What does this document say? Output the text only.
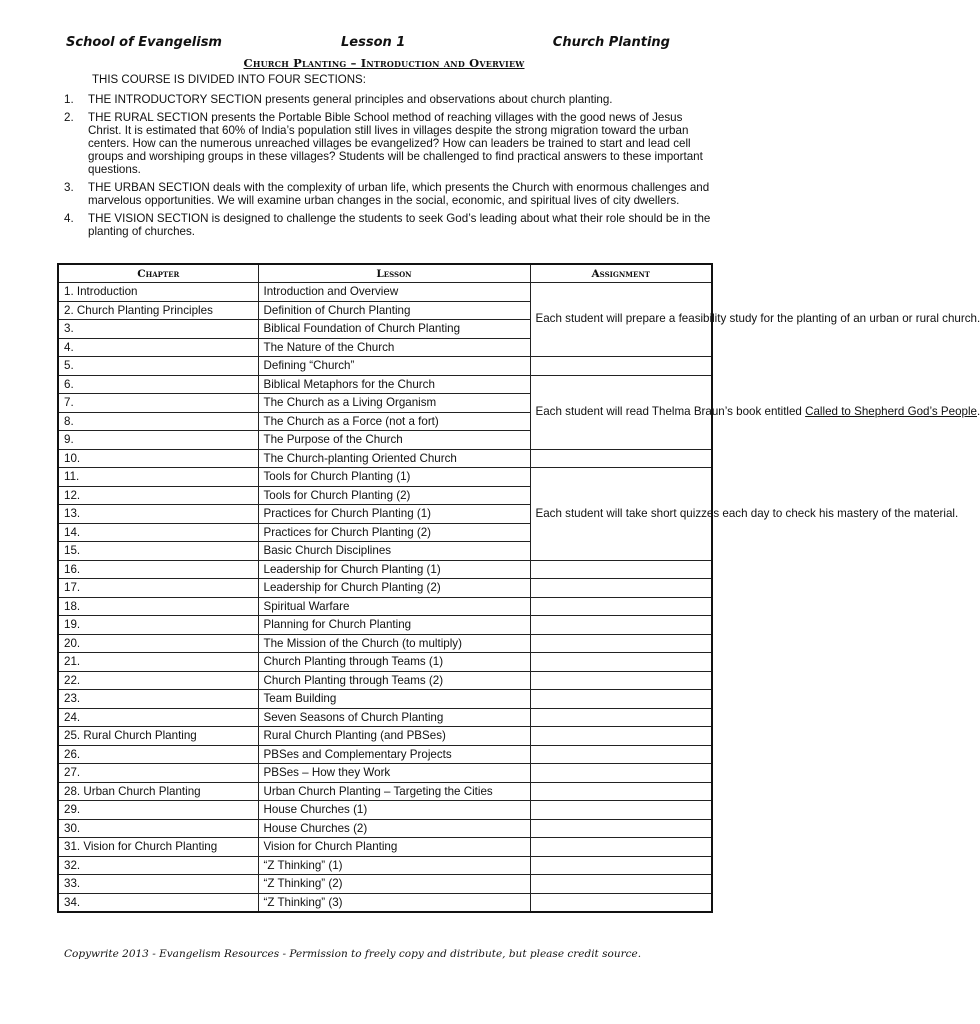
School of Evangelism	Lesson 1	Church Planting
Church Planting – Introduction and Overview
THIS COURSE IS DIVIDED INTO FOUR SECTIONS:
1. THE INTRODUCTORY SECTION presents general principles and observations about church planting.
2. THE RURAL SECTION presents the Portable Bible School method of reaching villages with the good news of Jesus Christ. It is estimated that 60% of India’s population still lives in villages despite the strong migration toward the urban centers. How can the numerous unreached villages be evangelized? How can leaders be trained to start and lead cell groups and worshiping groups in these villages? Students will be challenged to find practical answers to these important questions.
3. THE URBAN SECTION deals with the complexity of urban life, which presents the Church with enormous challenges and marvelous opportunities. We will examine urban changes in the social, economic, and spiritual lives of city dwellers.
4. THE VISION SECTION is designed to challenge the students to seek God’s leading about what their role should be in the planting of churches.
Chapter	Lesson	Assignment
1. Introduction	Introduction and Overview	Each student will prepare a feasibility study for the planting of an urban or rural church.
2. Church Planting Principles	Definition of Church Planting	
3.	Biblical Foundation of Church Planting	
4.	The Nature of the Church	
5.	Defining “Church”	
6.	Biblical Metaphors for the Church	Each student will read Thelma Braun’s book entitled Called to Shepherd God’s People.
7.	The Church as a Living Organism	
8.	The Church as a Force (not a fort)	
9.	The Purpose of the Church	
10.	The Church-planting Oriented Church	
11.	Tools for Church Planting (1)	Each student will take short quizzes each day to check his mastery of the material.
12.	Tools for Church Planting (2)	
13.	Practices for Church Planting (1)	
14.	Practices for Church Planting (2)	
15.	Basic Church Disciplines	
16.	Leadership for Church Planting (1)	
17.	Leadership for Church Planting (2)	
18.	Spiritual Warfare	
19.	Planning for Church Planting	
20.	The Mission of the Church (to multiply)	
21.	Church Planting through Teams (1)	
22.	Church Planting through Teams (2)	
23.	Team Building	
24.	Seven Seasons of Church Planting	
25. Rural Church Planting	Rural Church Planting (and PBSes)	
26.	PBSes and Complementary Projects	
27.	PBSes – How they Work	
28. Urban Church Planting	Urban Church Planting – Targeting the Cities	
29.	House Churches (1)	
30.	House Churches (2)	
31. Vision for Church Planting	Vision for Church Planting	
32.	“Z Thinking” (1)	
33.	“Z Thinking” (2)	
34.	“Z Thinking” (3)	
Copywrite 2013 - Evangelism Resources - Permission to freely copy and distribute, but please credit source.
